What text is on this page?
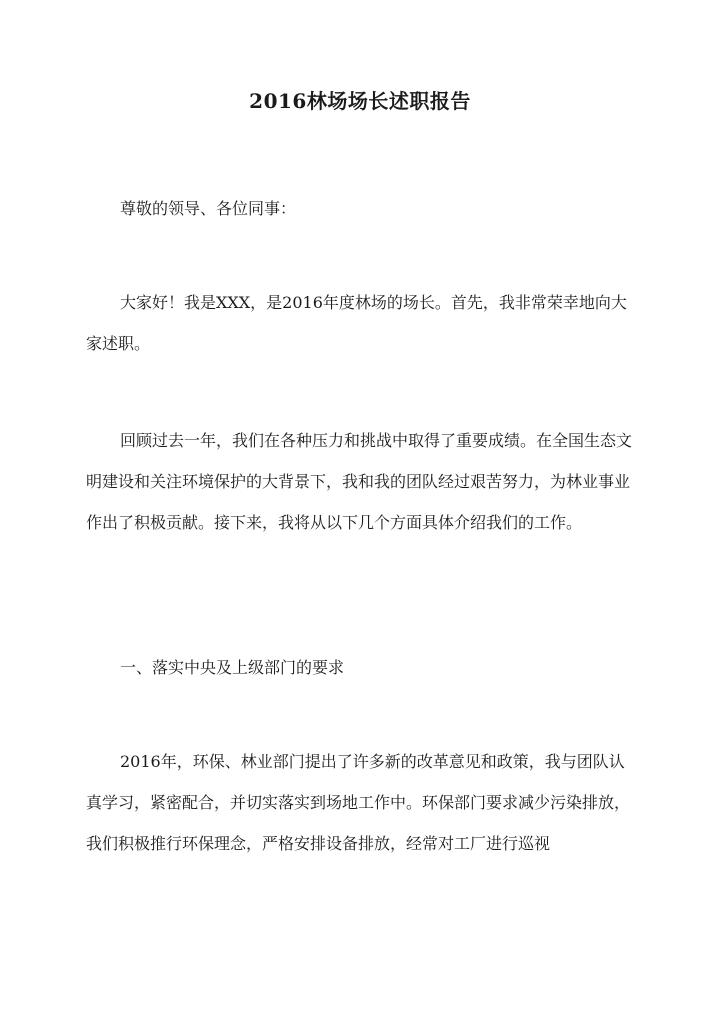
2016林场场长述职报告

尊敬的领导、各位同事：

大家好！我是XXX，是2016年度林场的场长。首先，我非常荣幸地向大家述职。

回顾过去一年，我们在各种压力和挑战中取得了重要成绩。在全国生态文明建设和关注环境保护的大背景下，我和我的团队经过艰苦努力，为林业事业作出了积极贡献。接下来，我将从以下几个方面具体介绍我们的工作。

一、落实中央及上级部门的要求

2016年，环保、林业部门提出了许多新的改革意见和政策，我与团队认真学习，紧密配合，并切实落实到场地工作中。环保部门要求减少污染排放，我们积极推行环保理念，严格安排设备排放，经常对工厂进行巡视
